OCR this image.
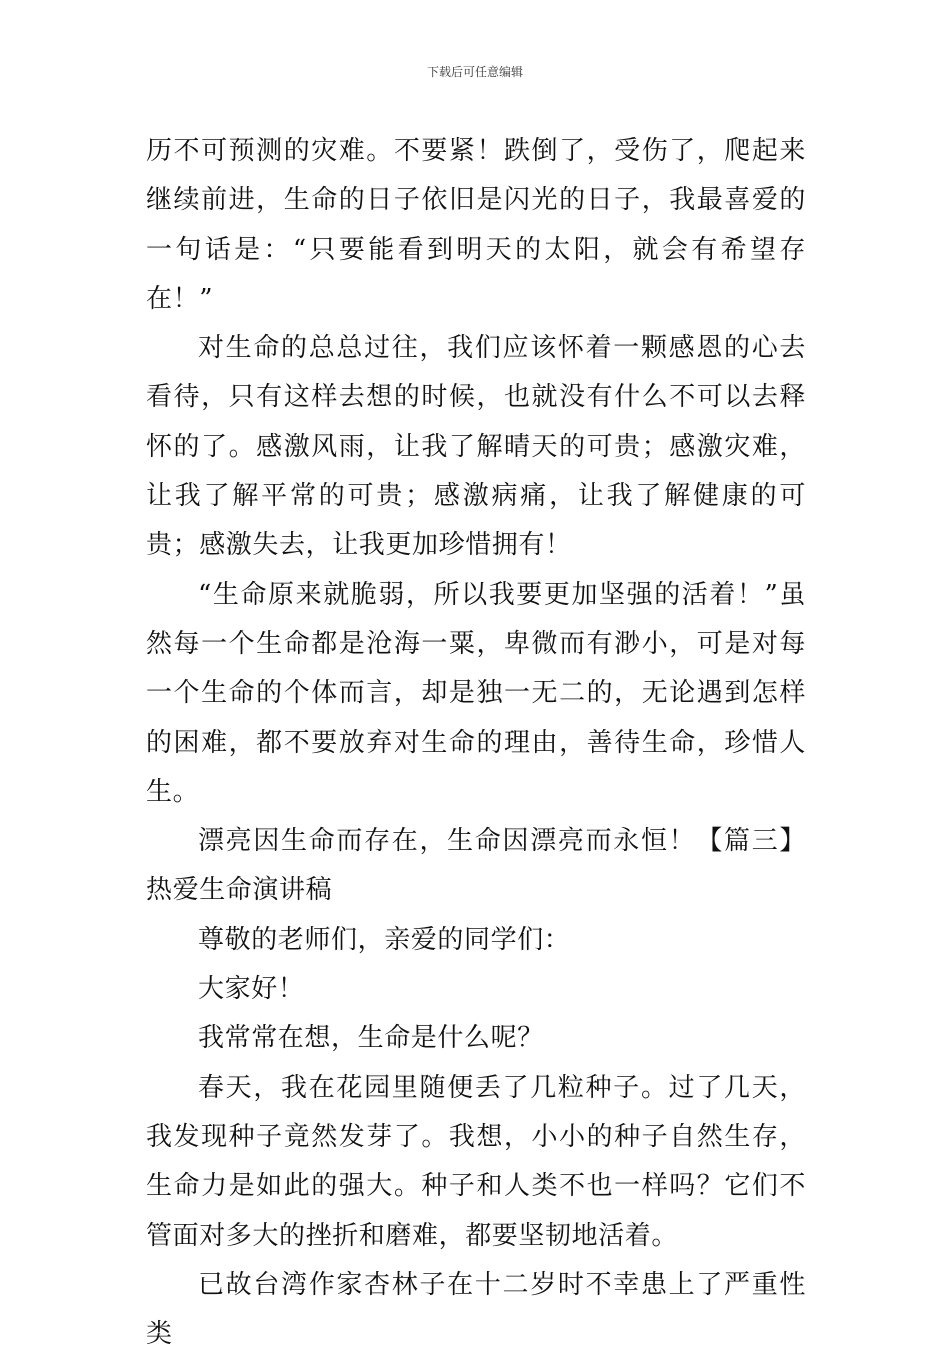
下载后可任意编辑

历不可预测的灾难。不要紧！跌倒了，受伤了，爬起来继续前进，生命的日子依旧是闪光的日子，我最喜爱的一句话是：“只要能看到明天的太阳，就会有希望存在！”

对生命的总总过往，我们应该怀着一颗感恩的心去看待，只有这样去想的时候，也就没有什么不可以去释怀的了。感激风雨，让我了解晴天的可贵；感激灾难，让我了解平常的可贵；感激病痛，让我了解健康的可贵；感激失去，让我更加珍惜拥有！

“生命原来就脆弱，所以我要更加坚强的活着！”虽然每一个生命都是沧海一粟，卑微而有渺小，可是对每一个生命的个体而言，却是独一无二的，无论遇到怎样的困难，都不要放弃对生命的理由，善待生命，珍惜人生。

漂亮因生命而存在，生命因漂亮而永恒！【篇三】热爱生命演讲稿

尊敬的老师们，亲爱的同学们：

大家好！

我常常在想，生命是什么呢？

春天，我在花园里随便丢了几粒种子。过了几天，我发现种子竟然发芽了。我想，小小的种子自然生存，生命力是如此的强大。种子和人类不也一样吗？它们不管面对多大的挫折和磨难，都要坚韧地活着。

已故台湾作家杏林子在十二岁时不幸患上了严重性类
